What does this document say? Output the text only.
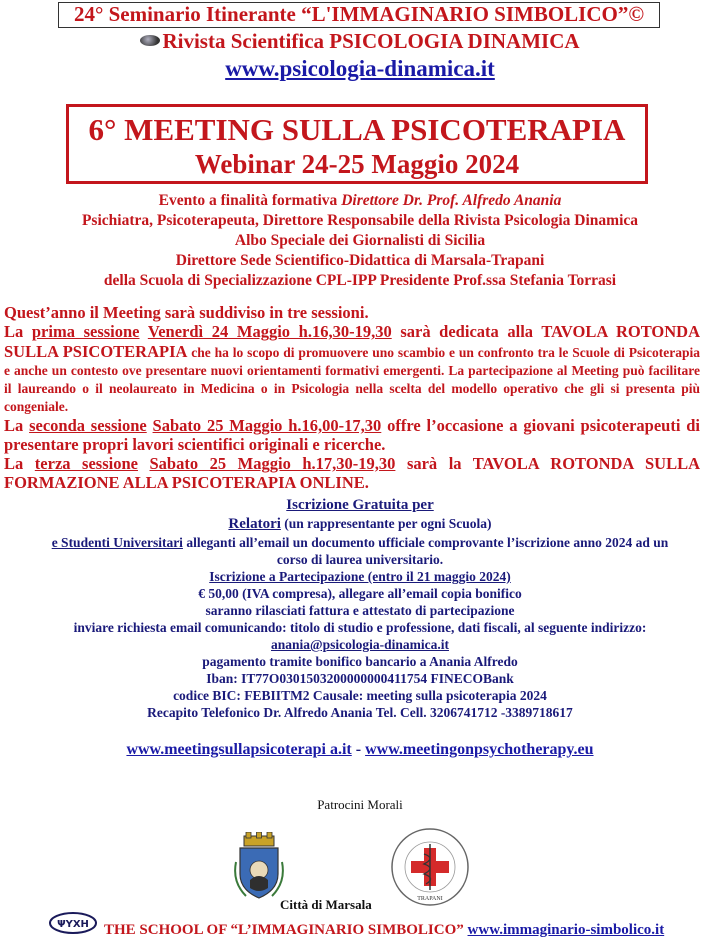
24° Seminario Itinerante “L'IMMAGINARIO SIMBOLICO”©
Rivista Scientifica PSICOLOGIA DINAMICA
www.psicologia-dinamica.it
6° MEETING SULLA PSICOTERAPIA
Webinar 24-25 Maggio 2024
Evento a finalità formativa Direttore Dr. Prof. Alfredo Anania
Psichiatra, Psicoterapeuta, Direttore Responsabile della Rivista Psicologia Dinamica
Albo Speciale dei Giornalisti di Sicilia
Direttore Sede Scientifico-Didattica di Marsala-Trapani
della Scuola di Specializzazione CPL-IPP Presidente Prof.ssa Stefania Torrasi

Quest’anno il Meeting sarà suddiviso in tre sessioni.

La prima sessione Venerdì 24 Maggio h.16,30-19,30 sarà dedicata alla TAVOLA ROTONDA SULLA PSICOTERAPIA che ha lo scopo di promuovere uno scambio e un confronto tra le Scuole di Psicoterapia e anche un contesto ove presentare nuovi orientamenti formativi emergenti. La partecipazione al Meeting può facilitare il laureando o il neolaureato in Medicina o in Psicologia nella scelta del modello operativo che gli si presenta più congeniale.

La seconda sessione Sabato 25 Maggio h.16,00-17,30 offre l’occasione a giovani psicoterapeuti di presentare propri lavori scientifici originali e ricerche.

La terza sessione Sabato 25 Maggio h.17,30-19,30 sarà la TAVOLA ROTONDA SULLA FORMAZIONE ALLA PSICOTERAPIA ONLINE.

Iscrizione Gratuita per
Relatori (un rappresentante per ogni Scuola)
e Studenti Universitari alleganti all’email un documento ufficiale comprovante l’iscrizione anno 2024 ad un
corso di laurea universitario.
Iscrizione a Partecipazione (entro il 21 maggio 2024)
€ 50,00 (IVA compresa), allegare all’email copia bonifico
saranno rilasciati fattura e attestato di partecipazione
inviare richiesta email comunicando: titolo di studio e professione, dati fiscali, al seguente indirizzo:
anania@psicologia-dinamica.it
pagamento tramite bonifico bancario a Anania Alfredo
Iban: IT77O0301503200000000411754 FINECOBank
codice BIC: FEBIITM2 Causale: meeting sulla psicoterapia 2024
Recapito Telefonico Dr. Alfredo Anania Tel. Cell. 3206741712 -3389718617
www.meetingsullapsicoterapi a.it - www.meetingonpsychotherapy.eu
Patrocini Morali
Città di Marsala	TRAPANI
ΨΥΧΗ THE SCHOOL OF “L’IMMAGINARIO SIMBOLICO” www.immaginario-simbolico.it
